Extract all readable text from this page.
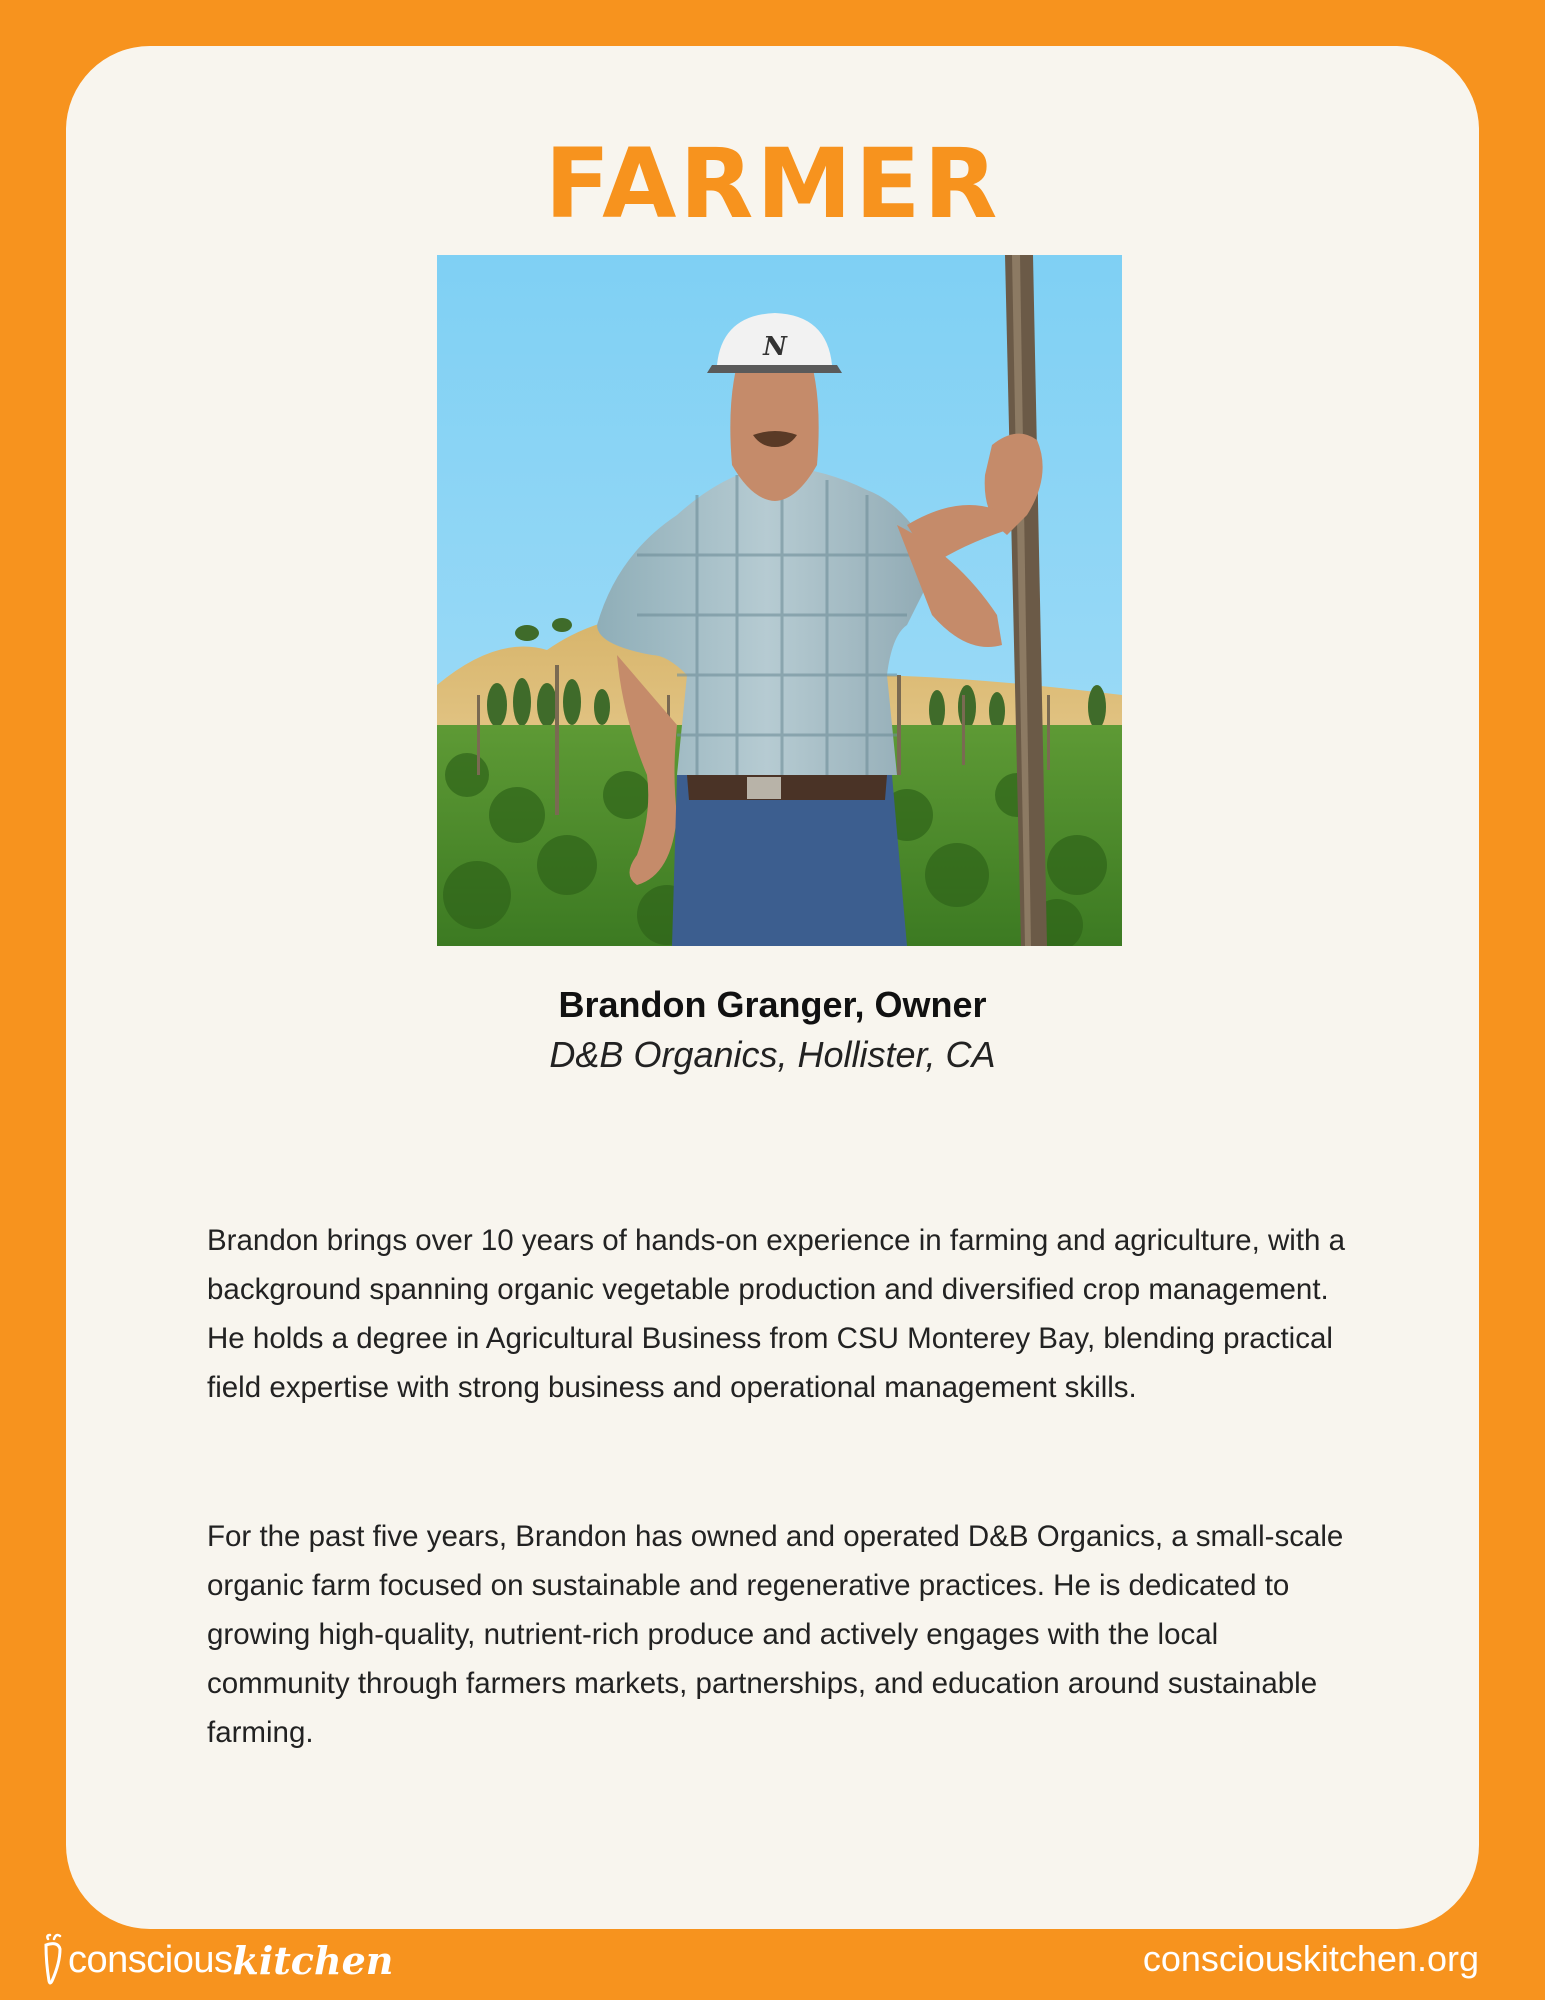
FARMER
N

Brandon Granger, Owner

D&B Organics, Hollister, CA

Brandon brings over 10 years of hands-on experience in farming and agriculture, with a background spanning organic vegetable production and diversified crop management. He holds a degree in Agricultural Business from CSU Monterey Bay, blending practical field expertise with strong business and operational management skills.

For the past five years, Brandon has owned and operated D&B Organics, a small-scale organic farm focused on sustainable and regenerative practices. He is dedicated to growing high-quality, nutrient-rich produce and actively engages with the local community through farmers markets, partnerships, and education around sustainable farming.

conscious kitchen	consciouskitchen.org
